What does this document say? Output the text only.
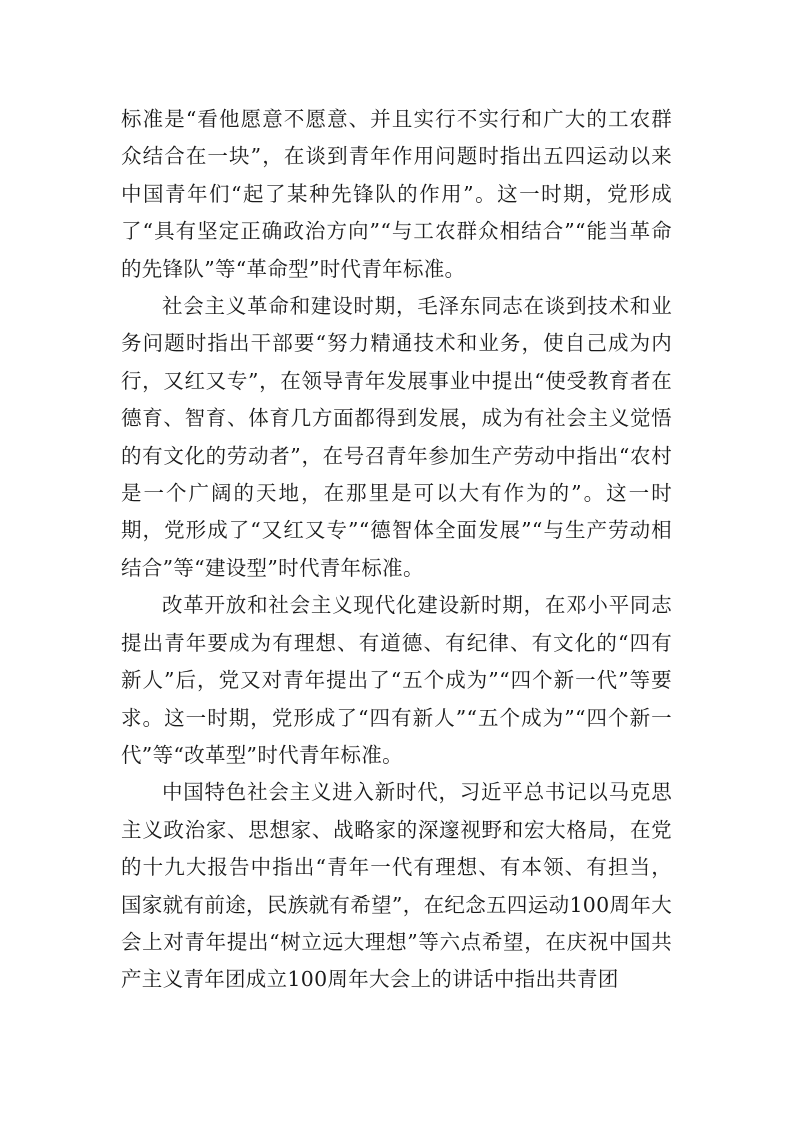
标准是“看他愿意不愿意、并且实行不实行和广大的工农群众结合在一块”，在谈到青年作用问题时指出五四运动以来中国青年们“起了某种先锋队的作用”。这一时期，党形成了“具有坚定正确政治方向”“与工农群众相结合”“能当革命的先锋队”等“革命型”时代青年标准。

社会主义革命和建设时期，毛泽东同志在谈到技术和业务问题时指出干部要“努力精通技术和业务，使自己成为内行，又红又专”，在领导青年发展事业中提出“使受教育者在德育、智育、体育几方面都得到发展，成为有社会主义觉悟的有文化的劳动者”，在号召青年参加生产劳动中指出“农村是一个广阔的天地，在那里是可以大有作为的”。这一时期，党形成了“又红又专”“德智体全面发展”“与生产劳动相结合”等“建设型”时代青年标准。

改革开放和社会主义现代化建设新时期，在邓小平同志提出青年要成为有理想、有道德、有纪律、有文化的“四有新人”后，党又对青年提出了“五个成为”“四个新一代”等要求。这一时期，党形成了“四有新人”“五个成为”“四个新一代”等“改革型”时代青年标准。

中国特色社会主义进入新时代，习近平总书记以马克思主义政治家、思想家、战略家的深邃视野和宏大格局，在党的十九大报告中指出“青年一代有理想、有本领、有担当，国家就有前途，民族就有希望”，在纪念五四运动100周年大会上对青年提出“树立远大理想”等六点希望，在庆祝中国共产主义青年团成立100周年大会上的讲话中指出共青团
